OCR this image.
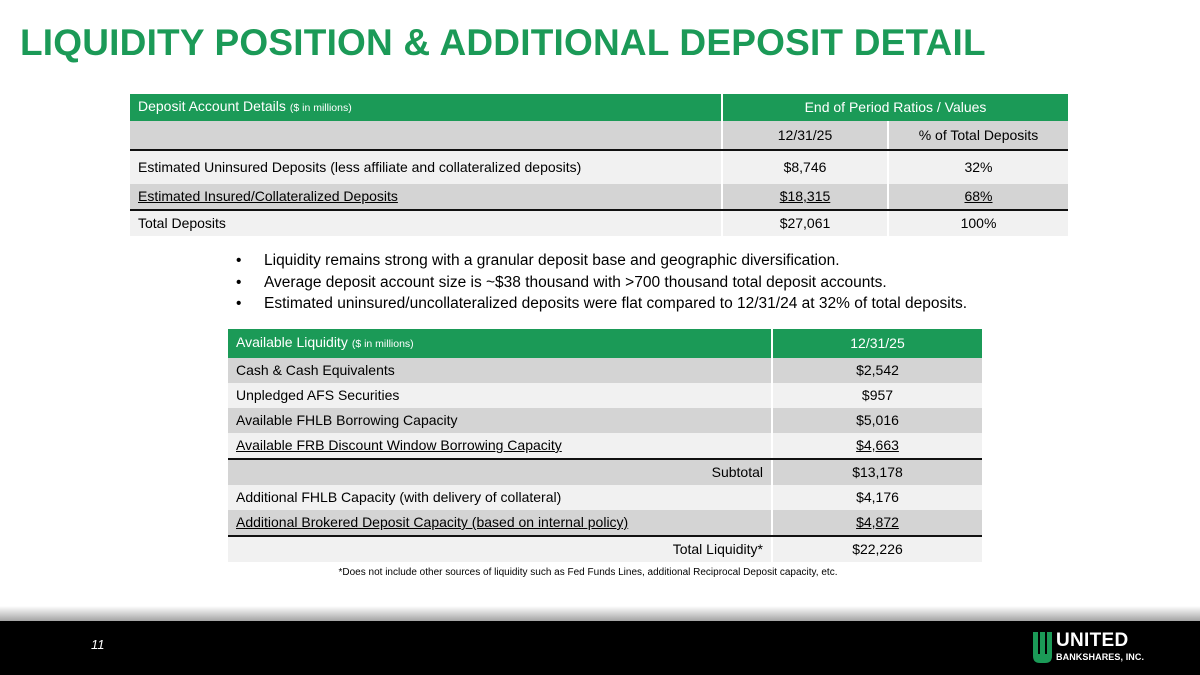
LIQUIDITY POSITION & ADDITIONAL DEPOSIT DETAIL
Deposit Account Details ($ in millions)	End of Period Ratios / Values	
	12/31/25	% of Total Deposits
Estimated Uninsured Deposits (less affiliate and collateralized deposits)	$8,746	32%
Estimated Insured/Collateralized Deposits	$18,315	68%
Total Deposits	$27,061	100%
• Liquidity remains strong with a granular deposit base and geographic diversification.
• Average deposit account size is ~$38 thousand with >700 thousand total deposit accounts.
• Estimated uninsured/uncollateralized deposits were flat compared to 12/31/24 at 32% of total deposits.
Available Liquidity ($ in millions)	12/31/25
Cash & Cash Equivalents	$2,542
Unpledged AFS Securities	$957
Available FHLB Borrowing Capacity	$5,016
Available FRB Discount Window Borrowing Capacity	$4,663
Subtotal	$13,178
Additional FHLB Capacity (with delivery of collateral)	$4,176
Additional Brokered Deposit Capacity (based on internal policy)	$4,872
Total Liquidity*	$22,226
*Does not include other sources of liquidity such as Fed Funds Lines, additional Reciprocal Deposit capacity, etc.
11	UNITED
BANKSHARES, INC.
